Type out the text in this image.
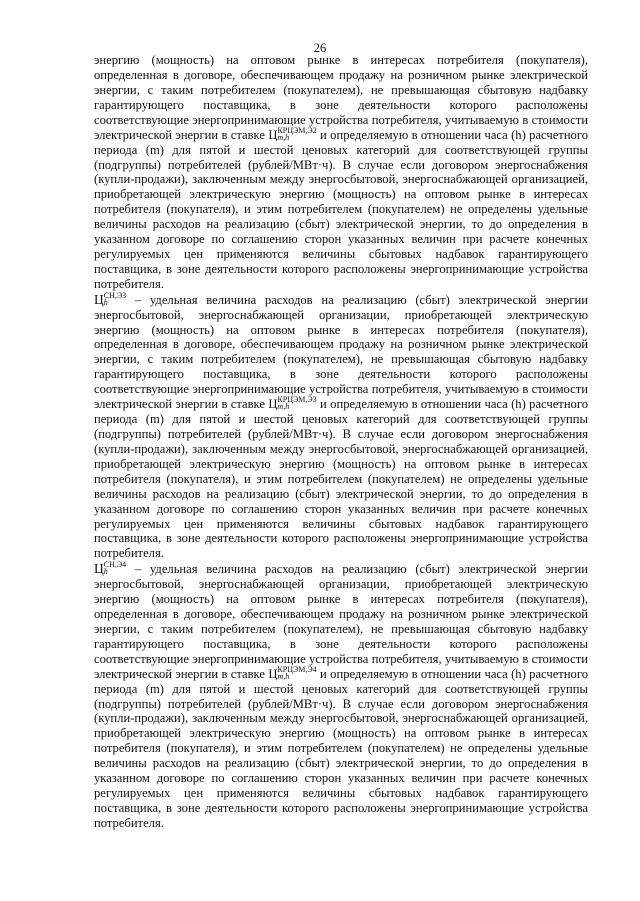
26

энергию (мощность) на оптовом рынке в интересах потребителя (покупателя), определенная в договоре, обеспечивающем продажу на розничном рынке электрической энергии, с таким потребителем (покупателем), не превышающая сбытовую надбавку гарантирующего поставщика, в зоне деятельности которого расположены соответствующие энергопринимающие устройства потребителя, учитываемую в стоимости электрической энергии в ставке Ц КРЦЭМ,Э2
m,h	и определяемую в отношении часа (h) расчетного периода (m) для пятой и шестой ценовых категорий для соответствующей группы (подгруппы) потребителей (рублей/МВт·ч). В случае если договором энергоснабжения (купли-продажи), заключенным между энергосбытовой, энергоснабжающей организацией, приобретающей электрическую энергию (мощность) на оптовом рынке в интересах потребителя (покупателя), и этим потребителем (покупателем) не определены удельные величины расходов на реализацию (сбыт) электрической энергии, то до определения в указанном договоре по соглашению сторон указанных величин при расчете конечных регулируемых цен применяются величины сбытовых надбавок гарантирующего поставщика, в зоне деятельности которого расположены энергопринимающие устройства потребителя.

Ц СН,Э3
h	– удельная величина расходов на реализацию (сбыт) электрической энергии энергосбытовой, энергоснабжающей организации, приобретающей электрическую энергию (мощность) на оптовом рынке в интересах потребителя (покупателя), определенная в договоре, обеспечивающем продажу на розничном рынке электрической энергии, с таким потребителем (покупателем), не превышающая сбытовую надбавку гарантирующего поставщика, в зоне деятельности которого расположены соответствующие энергопринимающие устройства потребителя, учитываемую в стоимости электрической энергии в ставке Ц КРЦЭМ,Э3
m,h	и определяемую в отношении часа (h) расчетного периода (m) для пятой и шестой ценовых категорий для соответствующей группы (подгруппы) потребителей (рублей/МВт·ч). В случае если договором энергоснабжения (купли-продажи), заключенным между энергосбытовой, энергоснабжающей организацией, приобретающей электрическую энергию (мощность) на оптовом рынке в интересах потребителя (покупателя), и этим потребителем (покупателем) не определены удельные величины расходов на реализацию (сбыт) электрической энергии, то до определения в указанном договоре по соглашению сторон указанных величин при расчете конечных регулируемых цен применяются величины сбытовых надбавок гарантирующего поставщика, в зоне деятельности которого расположены энергопринимающие устройства потребителя.

Ц СН,Э4
h	– удельная величина расходов на реализацию (сбыт) электрической энергии энергосбытовой, энергоснабжающей организации, приобретающей электрическую энергию (мощность) на оптовом рынке в интересах потребителя (покупателя), определенная в договоре, обеспечивающем продажу на розничном рынке электрической энергии, с таким потребителем (покупателем), не превышающая сбытовую надбавку гарантирующего поставщика, в зоне деятельности которого расположены соответствующие энергопринимающие устройства потребителя, учитываемую в стоимости электрической энергии в ставке Ц КРЦЭМ,Э4
m,h	и определяемую в отношении часа (h) расчетного периода (m) для пятой и шестой ценовых категорий для соответствующей группы (подгруппы) потребителей (рублей/МВт·ч). В случае если договором энергоснабжения (купли-продажи), заключенным между энергосбытовой, энергоснабжающей организацией, приобретающей электрическую энергию (мощность) на оптовом рынке в интересах потребителя (покупателя), и этим потребителем (покупателем) не определены удельные величины расходов на реализацию (сбыт) электрической энергии, то до определения в указанном договоре по соглашению сторон указанных величин при расчете конечных регулируемых цен применяются величины сбытовых надбавок гарантирующего поставщика, в зоне деятельности которого расположены энергопринимающие устройства потребителя.
